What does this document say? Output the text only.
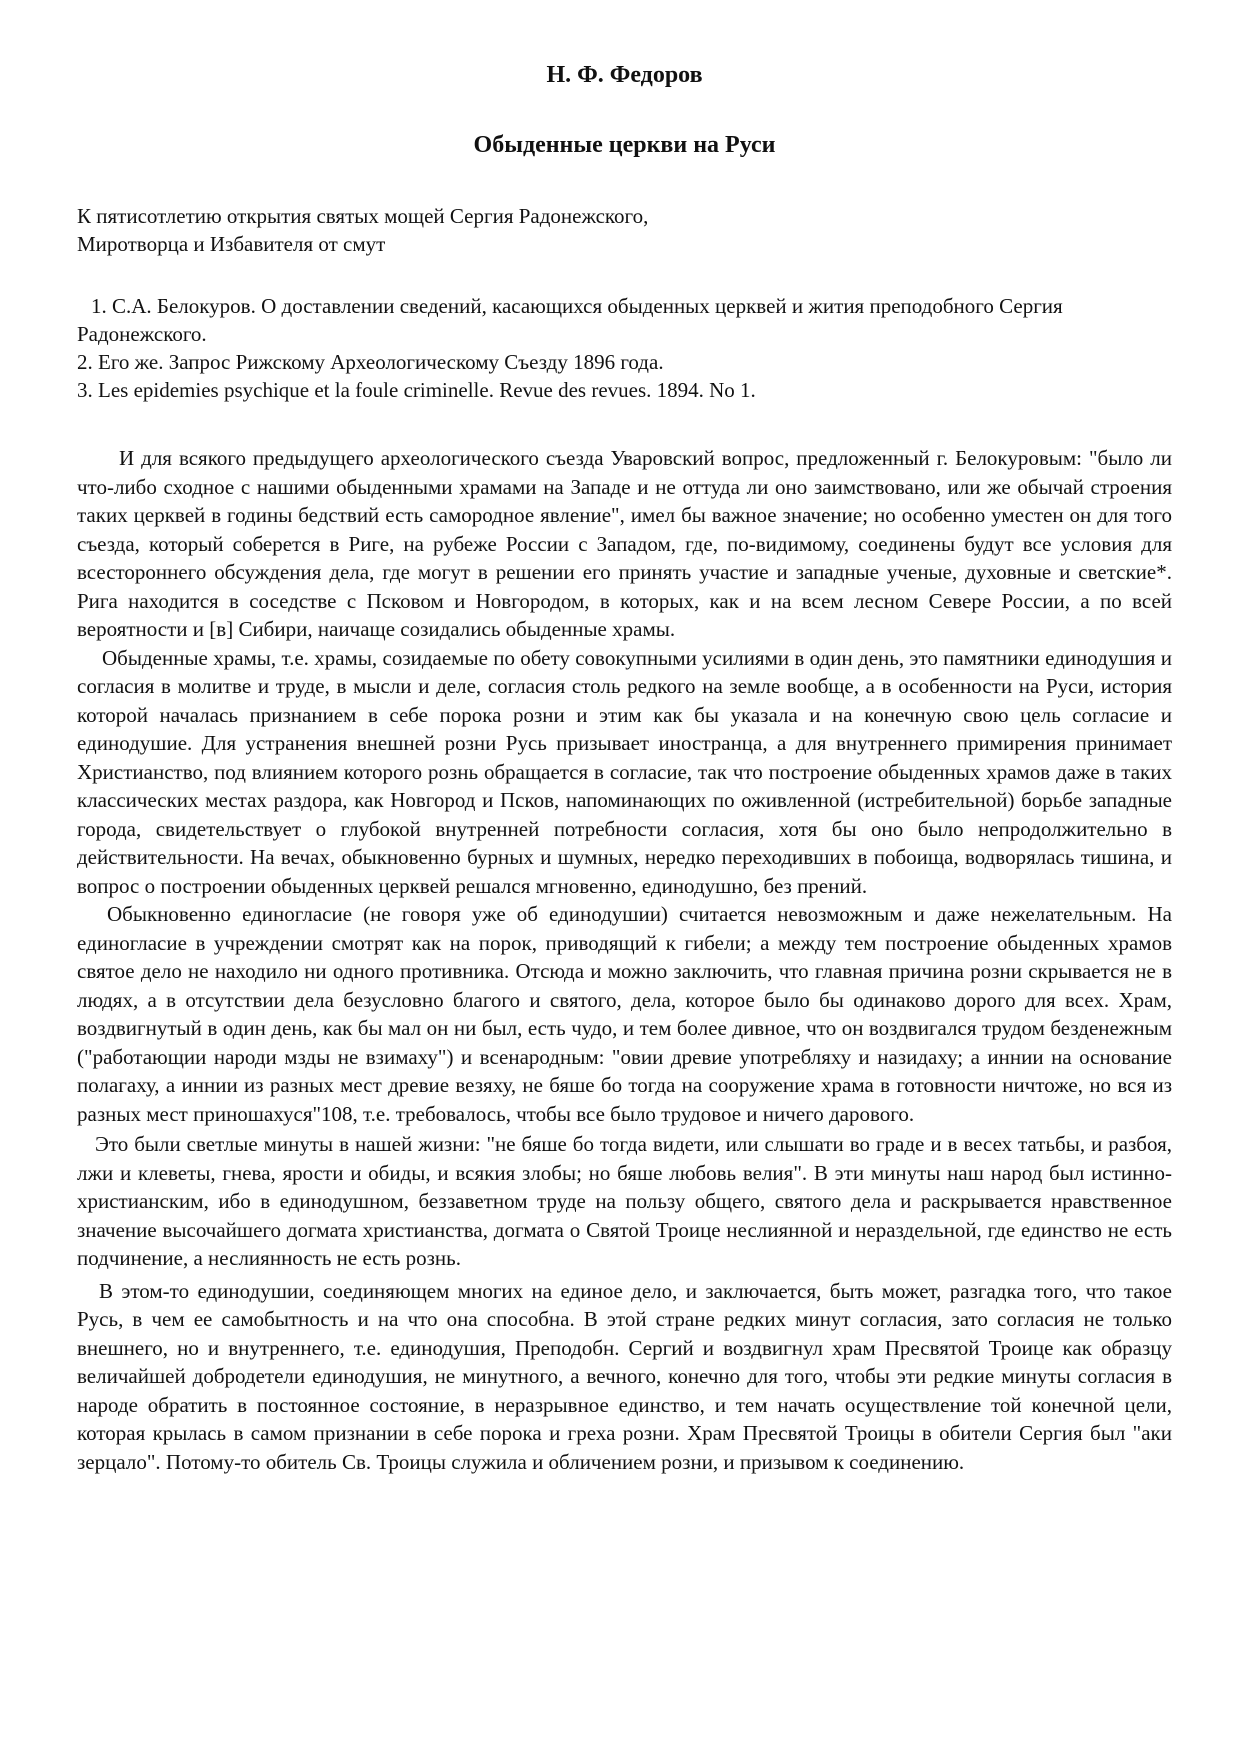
Н. Ф. Федоров
Обыденные церкви на Руси
К пятисотлетию открытия святых мощей Сергия Радонежского,
Миротворца и Избавителя от смут

1. С.А. Белокуров. О доставлении сведений, касающихся обыденных церквей и жития преподобного Сергия Радонежского.

2. Его же. Запрос Рижскому Археологическому Съезду 1896 года.

3. Les epidemies psychique et la foule criminelle. Revue des revues. 1894. No 1.

И для всякого предыдущего археологического съезда Уваровский вопрос, предложенный г. Белокуровым: "было ли что-либо сходное с нашими обыденными храмами на Западе и не оттуда ли оно заимствовано, или же обычай строения таких церквей в годины бедствий есть самородное явление", имел бы важное значение; но особенно уместен он для того съезда, который соберется в Риге, на рубеже России с Западом, где, по-видимому, соединены будут все условия для всестороннего обсуждения дела, где могут в решении его принять участие и западные ученые, духовные и светские*. Рига находится в соседстве с Псковом и Новгородом, в которых, как и на всем лесном Севере России, а по всей вероятности и [в] Сибири, наичаще созидались обыденные храмы.

Обыденные храмы, т.е. храмы, созидаемые по обету совокупными усилиями в один день, это памятники единодушия и согласия в молитве и труде, в мысли и деле, согласия столь редкого на земле вообще, а в особенности на Руси, история которой началась признанием в себе порока розни и этим как бы указала и на конечную свою цель согласие и единодушие. Для устранения внешней розни Русь призывает иностранца, а для внутреннего примирения принимает Христианство, под влиянием которого рознь обращается в согласие, так что построение обыденных храмов даже в таких классических местах раздора, как Новгород и Псков, напоминающих по оживленной (истребительной) борьбе западные города, свидетельствует о глубокой внутренней потребности согласия, хотя бы оно было непродолжительно в действительности. На вечах, обыкновенно бурных и шумных, нередко переходивших в побоища, водворялась тишина, и вопрос о построении обыденных церквей решался мгновенно, единодушно, без прений.

Обыкновенно единогласие (не говоря уже об единодушии) считается невозможным и даже нежелательным. На единогласие в учреждении смотрят как на порок, приводящий к гибели; а между тем построение обыденных храмов святое дело не находило ни одного противника. Отсюда и можно заключить, что главная причина розни скрывается не в людях, а в отсутствии дела безусловно благого и святого, дела, которое было бы одинаково дорого для всех. Храм, воздвигнутый в один день, как бы мал он ни был, есть чудо, и тем более дивное, что он воздвигался трудом безденежным ("работающии народи мзды не взимаху") и всенародным: "овии древие употребляху и назидаху; а иннии на основание полагаху, а иннии из разных мест древие везяху, не бяше бо тогда на сооружение храма в готовности ничтоже, но вся из разных мест приношахуся"108, т.е. требовалось, чтобы все было трудовое и ничего дарового.

Это были светлые минуты в нашей жизни: "не бяше бо тогда видети, или слышати во граде и в весех татьбы, и разбоя, лжи и клеветы, гнева, ярости и обиды, и всякия злобы; но бяше любовь велия". В эти минуты наш народ был истинно-христианским, ибо в единодушном, беззаветном труде на пользу общего, святого дела и раскрывается нравственное значение высочайшего догмата христианства, догмата о Святой Троице неслиянной и нераздельной, где единство не есть подчинение, а неслиянность не есть рознь.

В этом-то единодушии, соединяющем многих на единое дело, и заключается, быть может, разгадка того, что такое Русь, в чем ее самобытность и на что она способна. В этой стране редких минут согласия, зато согласия не только внешнего, но и внутреннего, т.е. единодушия, Преподобн. Сергий и воздвигнул храм Пресвятой Троице как образцу величайшей добродетели единодушия, не минутного, а вечного, конечно для того, чтобы эти редкие минуты согласия в народе обратить в постоянное состояние, в неразрывное единство, и тем начать осуществление той конечной цели, которая крылась в самом признании в себе порока и греха розни. Храм Пресвятой Троицы в обители Сергия был "аки зерцало". Потому-то обитель Св. Троицы служила и обличением розни, и призывом к соединению.
